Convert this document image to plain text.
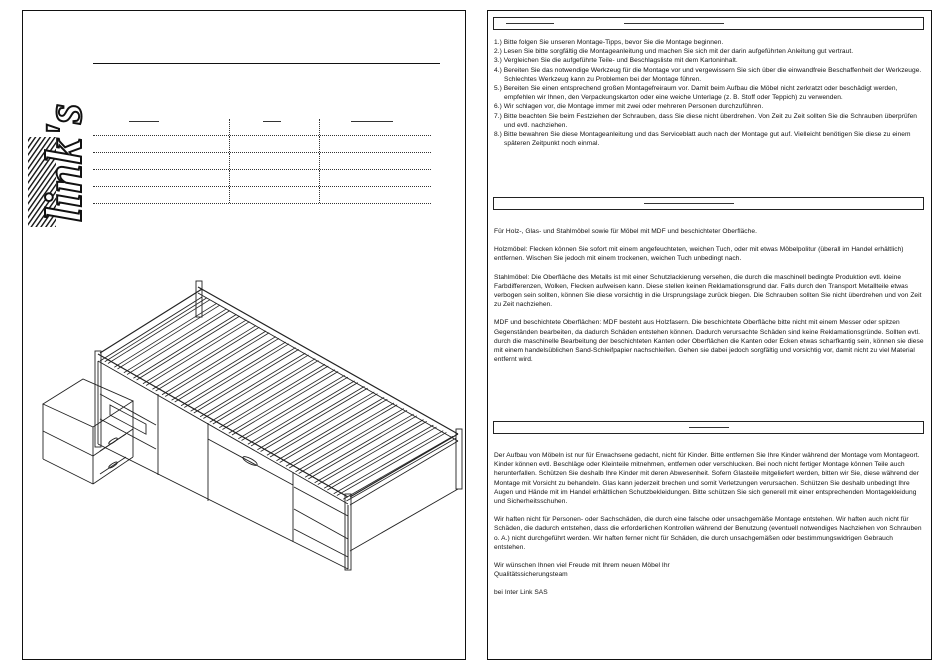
link's

1.) Bitte folgen Sie unseren Montage-Tipps, bevor Sie die Montage beginnen.

2.) Lesen Sie bitte sorgfältig die Montageanleitung und machen Sie sich mit der darin aufgeführten Anleitung gut vertraut.

3.) Vergleichen Sie die aufgeführte Teile- und Beschlagsliste mit dem Kartoninhalt.

4.) Bereiten Sie das notwendige Werkzeug für die Montage vor und vergewissern Sie sich über die einwandfreie Beschaffenheit der Werkzeuge. Schlechtes Werkzeug kann zu Problemen bei der Montage führen.

5.) Bereiten Sie einen entsprechend großen Montagefreiraum vor. Damit beim Aufbau die Möbel nicht zerkratzt oder beschädigt werden, empfehlen wir Ihnen, den Verpackungskarton oder eine weiche Unterlage (z. B. Stoff oder Teppich) zu verwenden.

6.) Wir schlagen vor, die Montage immer mit zwei oder mehreren Personen durchzuführen.

7.) Bitte beachten Sie beim Festziehen der Schrauben, dass Sie diese nicht überdrehen. Von Zeit zu Zeit sollten Sie die Schrauben überprüfen und evtl. nachziehen.

8.) Bitte bewahren Sie diese Montageanleitung und das Serviceblatt auch nach der Montage gut auf. Vielleicht benötigen Sie diese zu einem späteren Zeitpunkt noch einmal.

Für Holz-, Glas- und Stahlmöbel sowie für Möbel mit MDF und beschichteter Oberfläche.

Holzmöbel: Flecken können Sie sofort mit einem angefeuchteten, weichen Tuch, oder mit etwas Möbelpolitur (überall im Handel erhältlich) entfernen. Wischen Sie jedoch mit einem trockenen, weichen Tuch unbedingt nach.

Stahlmöbel: Die Oberfläche des Metalls ist mit einer Schutzlackierung versehen, die durch die maschinell bedingte Produktion evtl. kleine Farbdifferenzen, Wolken, Flecken aufweisen kann. Diese stellen keinen Reklamationsgrund dar. Falls durch den Transport Metallteile etwas verbogen sein sollten, können Sie diese vorsichtig in die Ursprungslage zurück biegen. Die Schrauben sollten Sie nicht überdrehen und von Zeit zu Zeit nachziehen.

MDF und beschichtete Oberflächen: MDF besteht aus Holzfasern. Die beschichtete Oberfläche bitte nicht mit einem Messer oder spitzen Gegenständen bearbeiten, da dadurch Schäden entstehen können. Dadurch verursachte Schäden sind keine Reklamationsgründe. Sollten evtl. durch die maschinelle Bearbeitung der beschichteten Kanten oder Oberflächen die Kanten oder Ecken etwas scharfkantig sein, können sie diese mit einem handelsüblichen Sand-Schleifpapier nachschleifen. Gehen sie dabei jedoch sorgfältig und vorsichtig vor, damit nicht zu viel Material entfernt wird.

Der Aufbau von Möbeln ist nur für Erwachsene gedacht, nicht für Kinder. Bitte entfernen Sie Ihre Kinder während der Montage vom Montageort. Kinder können evtl. Beschläge oder Kleinteile mitnehmen, entfernen oder verschlucken. Bei noch nicht fertiger Montage können Teile auch herunterfallen. Schützen Sie deshalb Ihre Kinder mit deren Abwesenheit. Sofern Glasteile mitgeliefert werden, bitten wir Sie, diese während der Montage mit Vorsicht zu behandeln. Glas kann jederzeit brechen und somit Verletzungen verursachen. Schützen Sie deshalb unbedingt Ihre Augen und Hände mit im Handel erhältlichen Schutzbekleidungen. Bitte schützen Sie sich generell mit einer entsprechenden Montagekleidung und Sicherheitsschuhen.

Wir haften nicht für Personen- oder Sachschäden, die durch eine falsche oder unsachgemäße Montage entstehen. Wir haften auch nicht für Schäden, die dadurch entstehen, dass die erforderlichen Kontrollen während der Benutzung (eventuell notwendiges Nachziehen von Schrauben o. A.) nicht durchgeführt werden. Wir haften ferner nicht für Schäden, die durch unsachgemäßen oder bestimmungswidrigen Gebrauch entstehen.

Wir wünschen Ihnen viel Freude mit Ihrem neuen Möbel Ihr Qualitätssicherungsteam

bei Inter Link SAS
